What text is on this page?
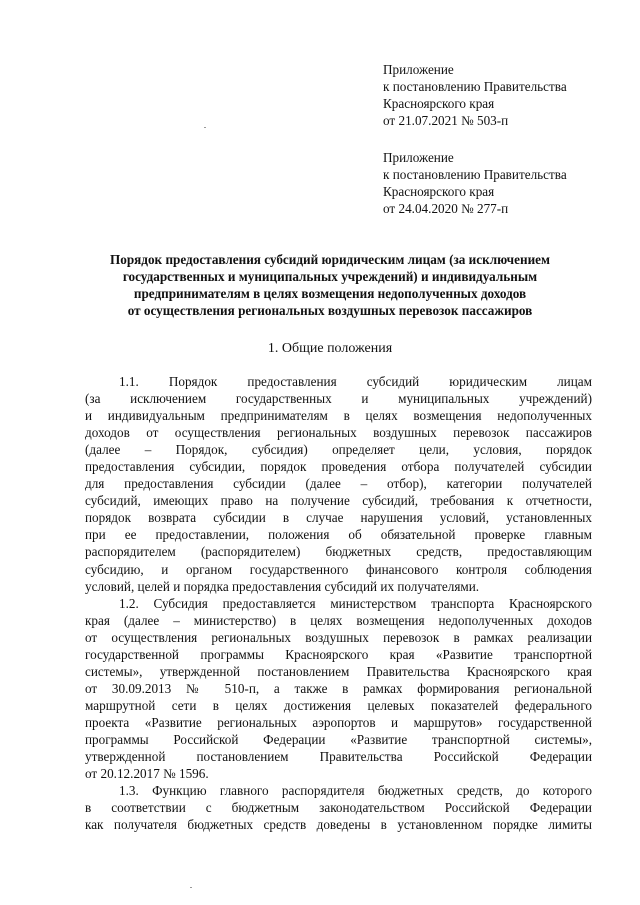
Приложение
к постановлению Правительства
Красноярского края
от 21.07.2021 № 503-п
Приложение
к постановлению Правительства
Красноярского края
от 24.04.2020 № 277-п
Порядок предоставления субсидий юридическим лицам (за исключением
государственных и муниципальных учреждений) и индивидуальным
предпринимателям в целях возмещения недополученных доходов
от осуществления региональных воздушных перевозок пассажиров
1. Общие положения
1.1. Порядок предоставления субсидий юридическим лицам
(за исключением государственных и муниципальных учреждений)
и индивидуальным предпринимателям в целях возмещения недополученных
доходов от осуществления региональных воздушных перевозок пассажиров
(далее – Порядок, субсидия) определяет цели, условия, порядок
предоставления субсидии, порядок проведения отбора получателей субсидии
для предоставления субсидии (далее – отбор), категории получателей
субсидий, имеющих право на получение субсидий, требования к отчетности,
порядок возврата субсидии в случае нарушения условий, установленных
при ее предоставлении, положения об обязательной проверке главным
распорядителем (распорядителем) бюджетных средств, предоставляющим
субсидию, и органом государственного финансового контроля соблюдения
условий, целей и порядка предоставления субсидий их получателями.
1.2. Субсидия предоставляется министерством транспорта Красноярского
края (далее – министерство) в целях возмещения недополученных доходов
от осуществления региональных воздушных перевозок в рамках реализации
государственной программы Красноярского края «Развитие транспортной
системы», утвержденной постановлением Правительства Красноярского края
от 30.09.2013 № 510-п, а также в рамках формирования региональной
маршрутной сети в целях достижения целевых показателей федерального
проекта «Развитие региональных аэропортов и маршрутов» государственной
программы Российской Федерации «Развитие транспортной системы»,
утвержденной постановлением Правительства Российской Федерации
от 20.12.2017 № 1596.
1.3. Функцию главного распорядителя бюджетных средств, до которого
в соответствии с бюджетным законодательством Российской Федерации
как получателя бюджетных средств доведены в установленном порядке лимиты
